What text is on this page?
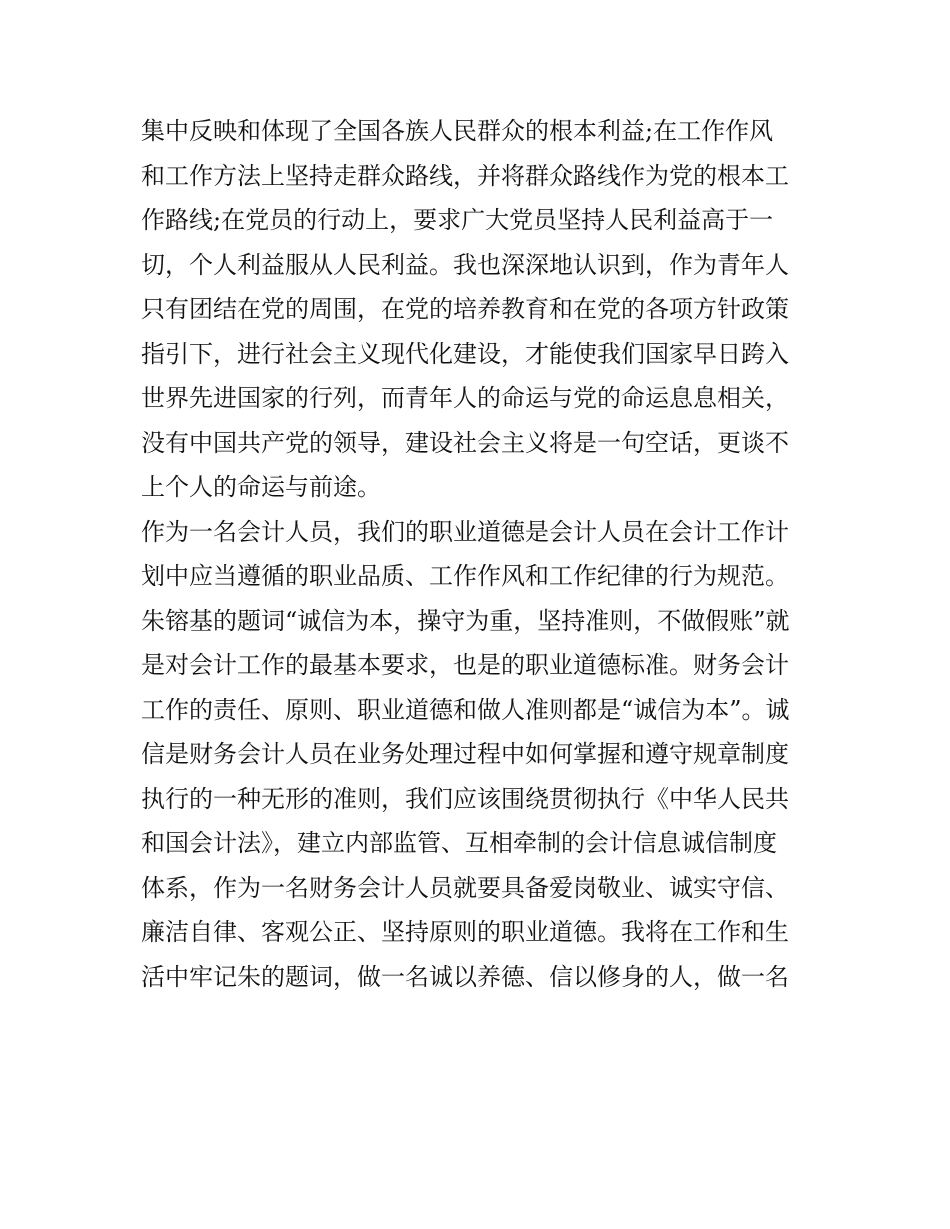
集中反映和体现了全国各族人民群众的根本利益;在工作作风
和工作方法上坚持走群众路线，并将群众路线作为党的根本工
作路线;在党员的行动上，要求广大党员坚持人民利益高于一
切，个人利益服从人民利益。我也深深地认识到，作为青年人
只有团结在党的周围，在党的培养教育和在党的各项方针政策
指引下，进行社会主义现代化建设，才能使我们国家早日跨入
世界先进国家的行列，而青年人的命运与党的命运息息相关，
没有中国共产党的领导，建设社会主义将是一句空话，更谈不
上个人的命运与前途。
作为一名会计人员，我们的职业道德是会计人员在会计工作计
划中应当遵循的职业品质、工作作风和工作纪律的行为规范。
朱镕基的题词“诚信为本，操守为重，坚持准则，不做假账”就
是对会计工作的最基本要求，也是的职业道德标准。财务会计
工作的责任、原则、职业道德和做人准则都是“诚信为本”。诚
信是财务会计人员在业务处理过程中如何掌握和遵守规章制度
执行的一种无形的准则，我们应该围绕贯彻执行《中华人民共
和国会计法》，建立内部监管、互相牵制的会计信息诚信制度
体系，作为一名财务会计人员就要具备爱岗敬业、诚实守信、
廉洁自律、客观公正、坚持原则的职业道德。我将在工作和生
活中牢记朱的题词，做一名诚以养德、信以修身的人，做一名
